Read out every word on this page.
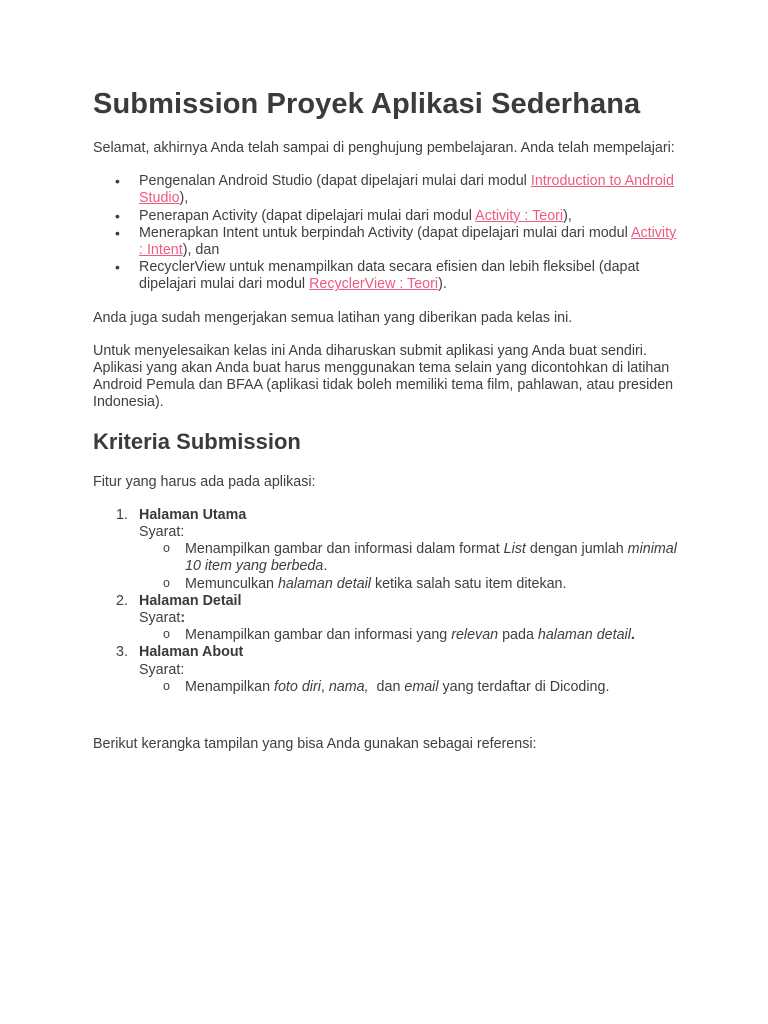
Submission Proyek Aplikasi Sederhana

Selamat, akhirnya Anda telah sampai di penghujung pembelajaran. Anda telah mempelajari:

• Pengenalan Android Studio (dapat dipelajari mulai dari modul Introduction to Android Studio),
• Penerapan Activity (dapat dipelajari mulai dari modul Activity : Teori),
• Menerapkan Intent untuk berpindah Activity (dapat dipelajari mulai dari modul Activity : Intent), dan
• RecyclerView untuk menampilkan data secara efisien dan lebih fleksibel (dapat dipelajari mulai dari modul RecyclerView : Teori).

Anda juga sudah mengerjakan semua latihan yang diberikan pada kelas ini.

Untuk menyelesaikan kelas ini Anda diharuskan submit aplikasi yang Anda buat sendiri. Aplikasi yang akan Anda buat harus menggunakan tema selain yang dicontohkan di latihan Android Pemula dan BFAA (aplikasi tidak boleh memiliki tema film, pahlawan, atau presiden Indonesia).

Kriteria Submission

Fitur yang harus ada pada aplikasi:

1. Halaman Utama
Syarat:
o Menampilkan gambar dan informasi dalam format List dengan jumlah minimal 10 item yang berbeda.
o Memunculkan halaman detail ketika salah satu item ditekan.
2. Halaman Detail
Syarat:
o Menampilkan gambar dan informasi yang relevan pada halaman detail.
3. Halaman About
Syarat:
o Menampilkan foto diri, nama,  dan email yang terdaftar di Dicoding.

Berikut kerangka tampilan yang bisa Anda gunakan sebagai referensi:
